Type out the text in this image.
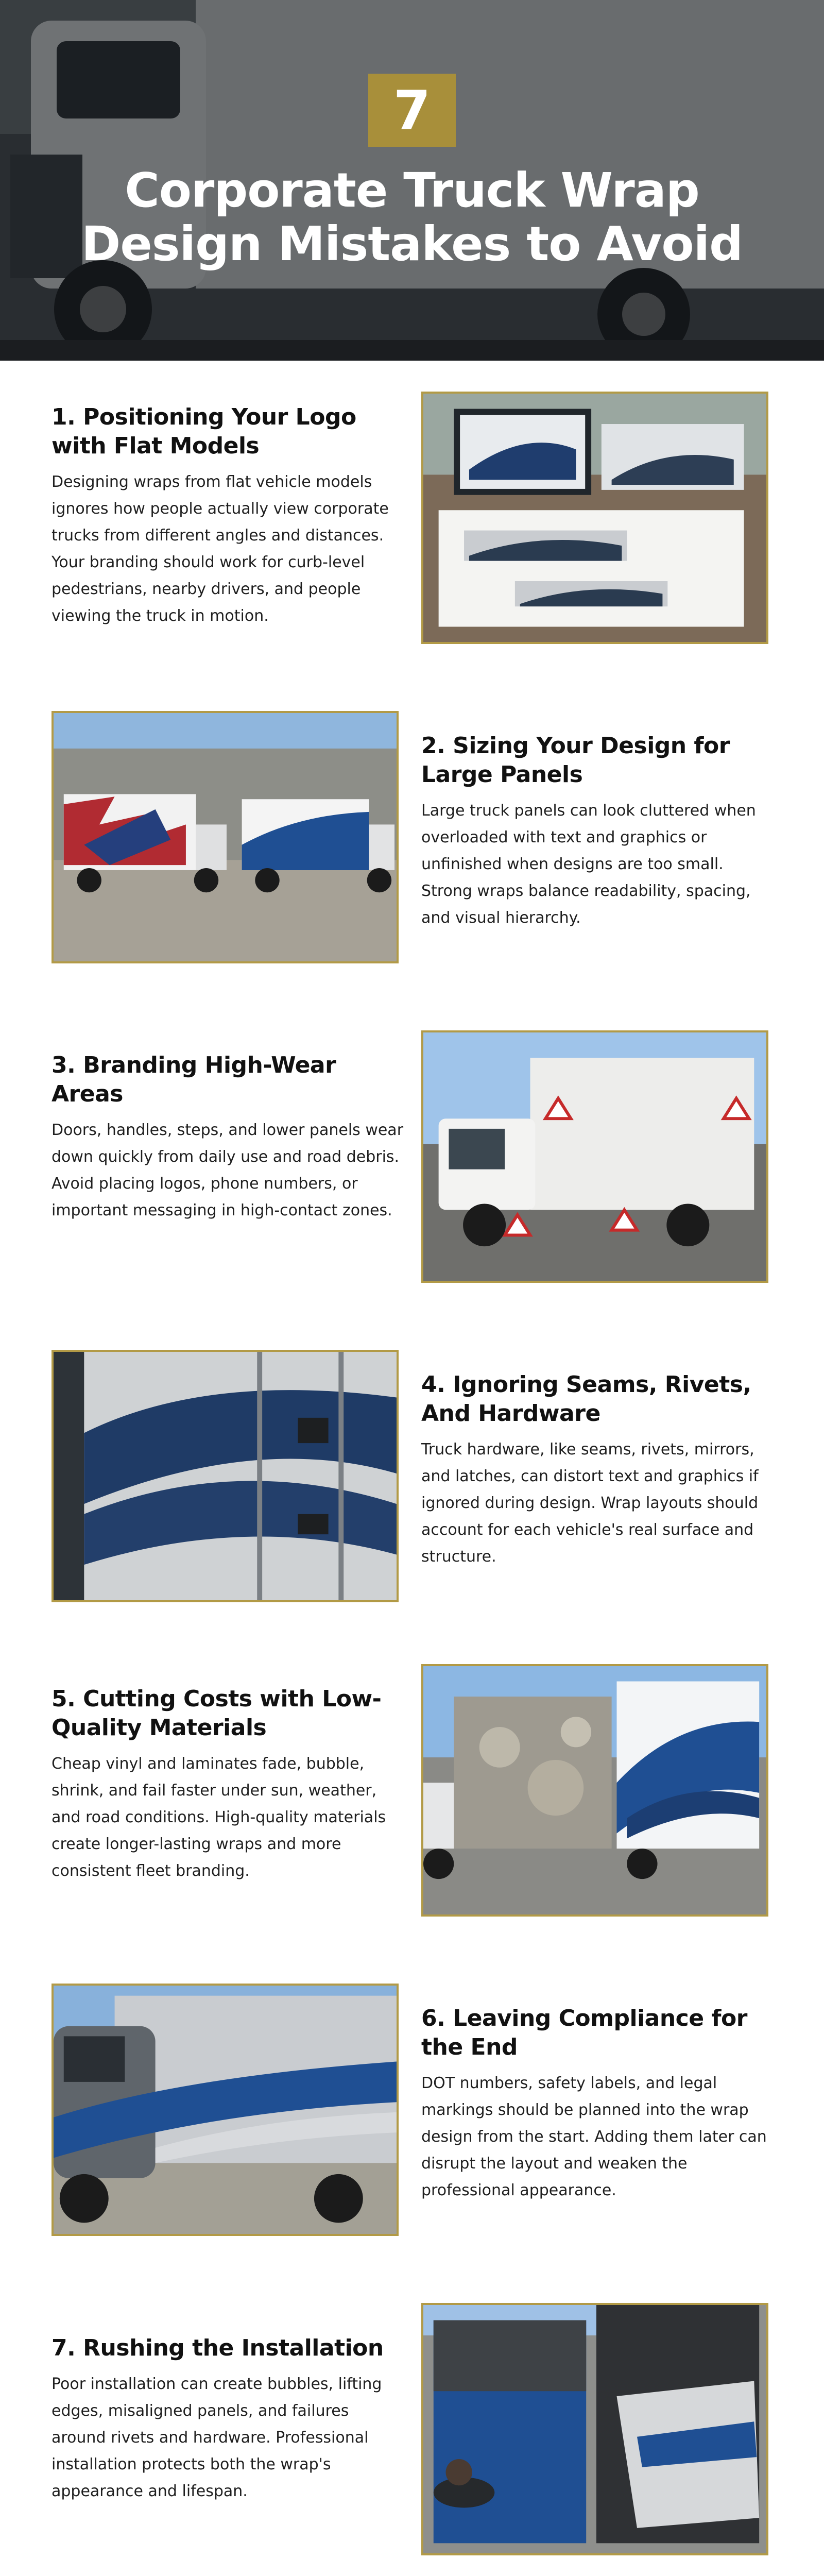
7
Corporate Truck Wrap
Design Mistakes to Avoid
1. Positioning Your Logo with Flat Models

Designing wraps from flat vehicle models ignores how people actually view corporate trucks from different angles and distances. Your branding should work for curb-level pedestrians, nearby drivers, and people viewing the truck in motion.

2. Sizing Your Design for Large Panels

Large truck panels can look cluttered when overloaded with text and graphics or unfinished when designs are too small. Strong wraps balance readability, spacing, and visual hierarchy.

3. Branding High-Wear Areas

Doors, handles, steps, and lower panels wear down quickly from daily use and road debris. Avoid placing logos, phone numbers, or important messaging in high-contact zones.

4. Ignoring Seams, Rivets, And Hardware

Truck hardware, like seams, rivets, mirrors, and latches, can distort text and graphics if ignored during design. Wrap layouts should account for each vehicle's real surface and structure.

5. Cutting Costs with Low-Quality Materials

Cheap vinyl and laminates fade, bubble, shrink, and fail faster under sun, weather, and road conditions. High-quality materials create longer-lasting wraps and more consistent fleet branding.

6. Leaving Compliance for the End

DOT numbers, safety labels, and legal markings should be planned into the wrap design from the start. Adding them later can disrupt the layout and weaken the professional appearance.

7. Rushing the Installation

Poor installation can create bubbles, lifting edges, misaligned panels, and failures around rivets and hardware. Professional installation protects both the wrap's appearance and lifespan.
